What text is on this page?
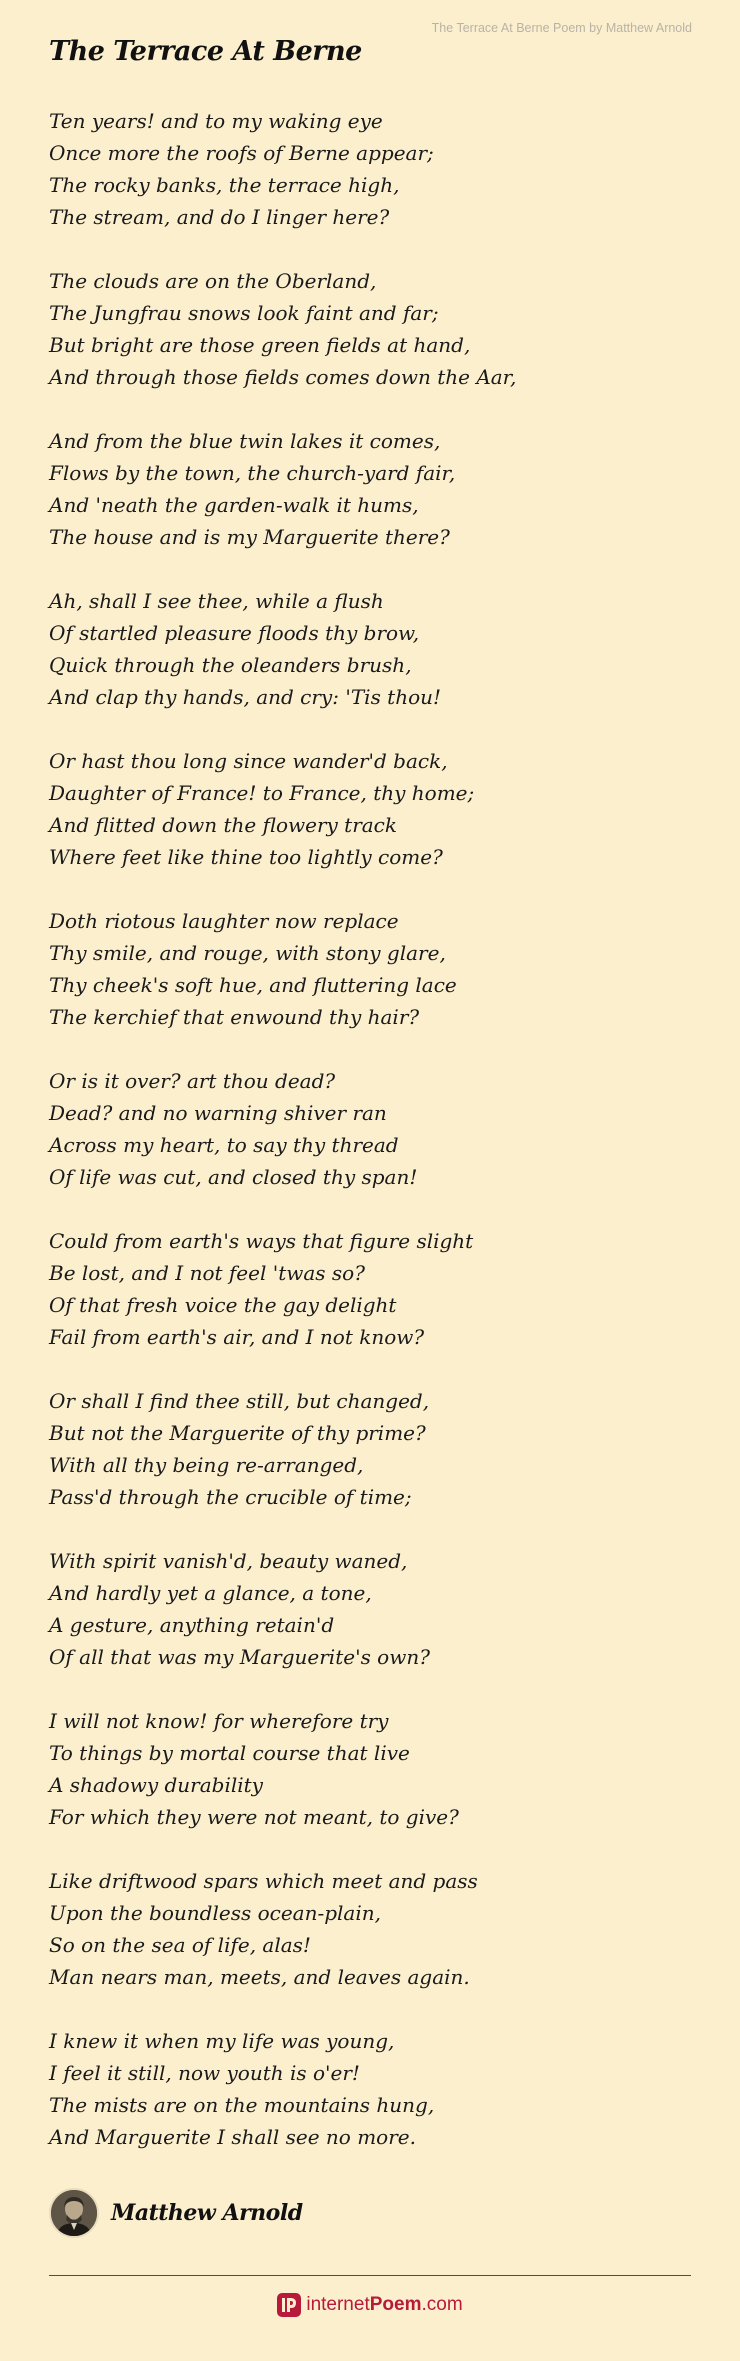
The Terrace At Berne Poem by Matthew Arnold
The Terrace At Berne
Ten years! and to my waking eye
Once more the roofs of Berne appear;
The rocky banks, the terrace high,
The stream, and do I linger here?
The clouds are on the Oberland,
The Jungfrau snows look faint and far;
But bright are those green fields at hand,
And through those fields comes down the Aar,
And from the blue twin lakes it comes,
Flows by the town, the church-yard fair,
And 'neath the garden-walk it hums,
The house and is my Marguerite there?
Ah, shall I see thee, while a flush
Of startled pleasure floods thy brow,
Quick through the oleanders brush,
And clap thy hands, and cry: 'Tis thou!
Or hast thou long since wander'd back,
Daughter of France! to France, thy home;
And flitted down the flowery track
Where feet like thine too lightly come?
Doth riotous laughter now replace
Thy smile, and rouge, with stony glare,
Thy cheek's soft hue, and fluttering lace
The kerchief that enwound thy hair?
Or is it over? art thou dead?
Dead? and no warning shiver ran
Across my heart, to say thy thread
Of life was cut, and closed thy span!
Could from earth's ways that figure slight
Be lost, and I not feel 'twas so?
Of that fresh voice the gay delight
Fail from earth's air, and I not know?
Or shall I find thee still, but changed,
But not the Marguerite of thy prime?
With all thy being re-arranged,
Pass'd through the crucible of time;
With spirit vanish'd, beauty waned,
And hardly yet a glance, a tone,
A gesture, anything retain'd
Of all that was my Marguerite's own?
I will not know! for wherefore try
To things by mortal course that live
A shadowy durability
For which they were not meant, to give?
Like driftwood spars which meet and pass
Upon the boundless ocean-plain,
So on the sea of life, alas!
Man nears man, meets, and leaves again.
I knew it when my life was young,
I feel it still, now youth is o'er!
The mists are on the mountains hung,
And Marguerite I shall see no more.
Matthew Arnold
internetPoem.com
